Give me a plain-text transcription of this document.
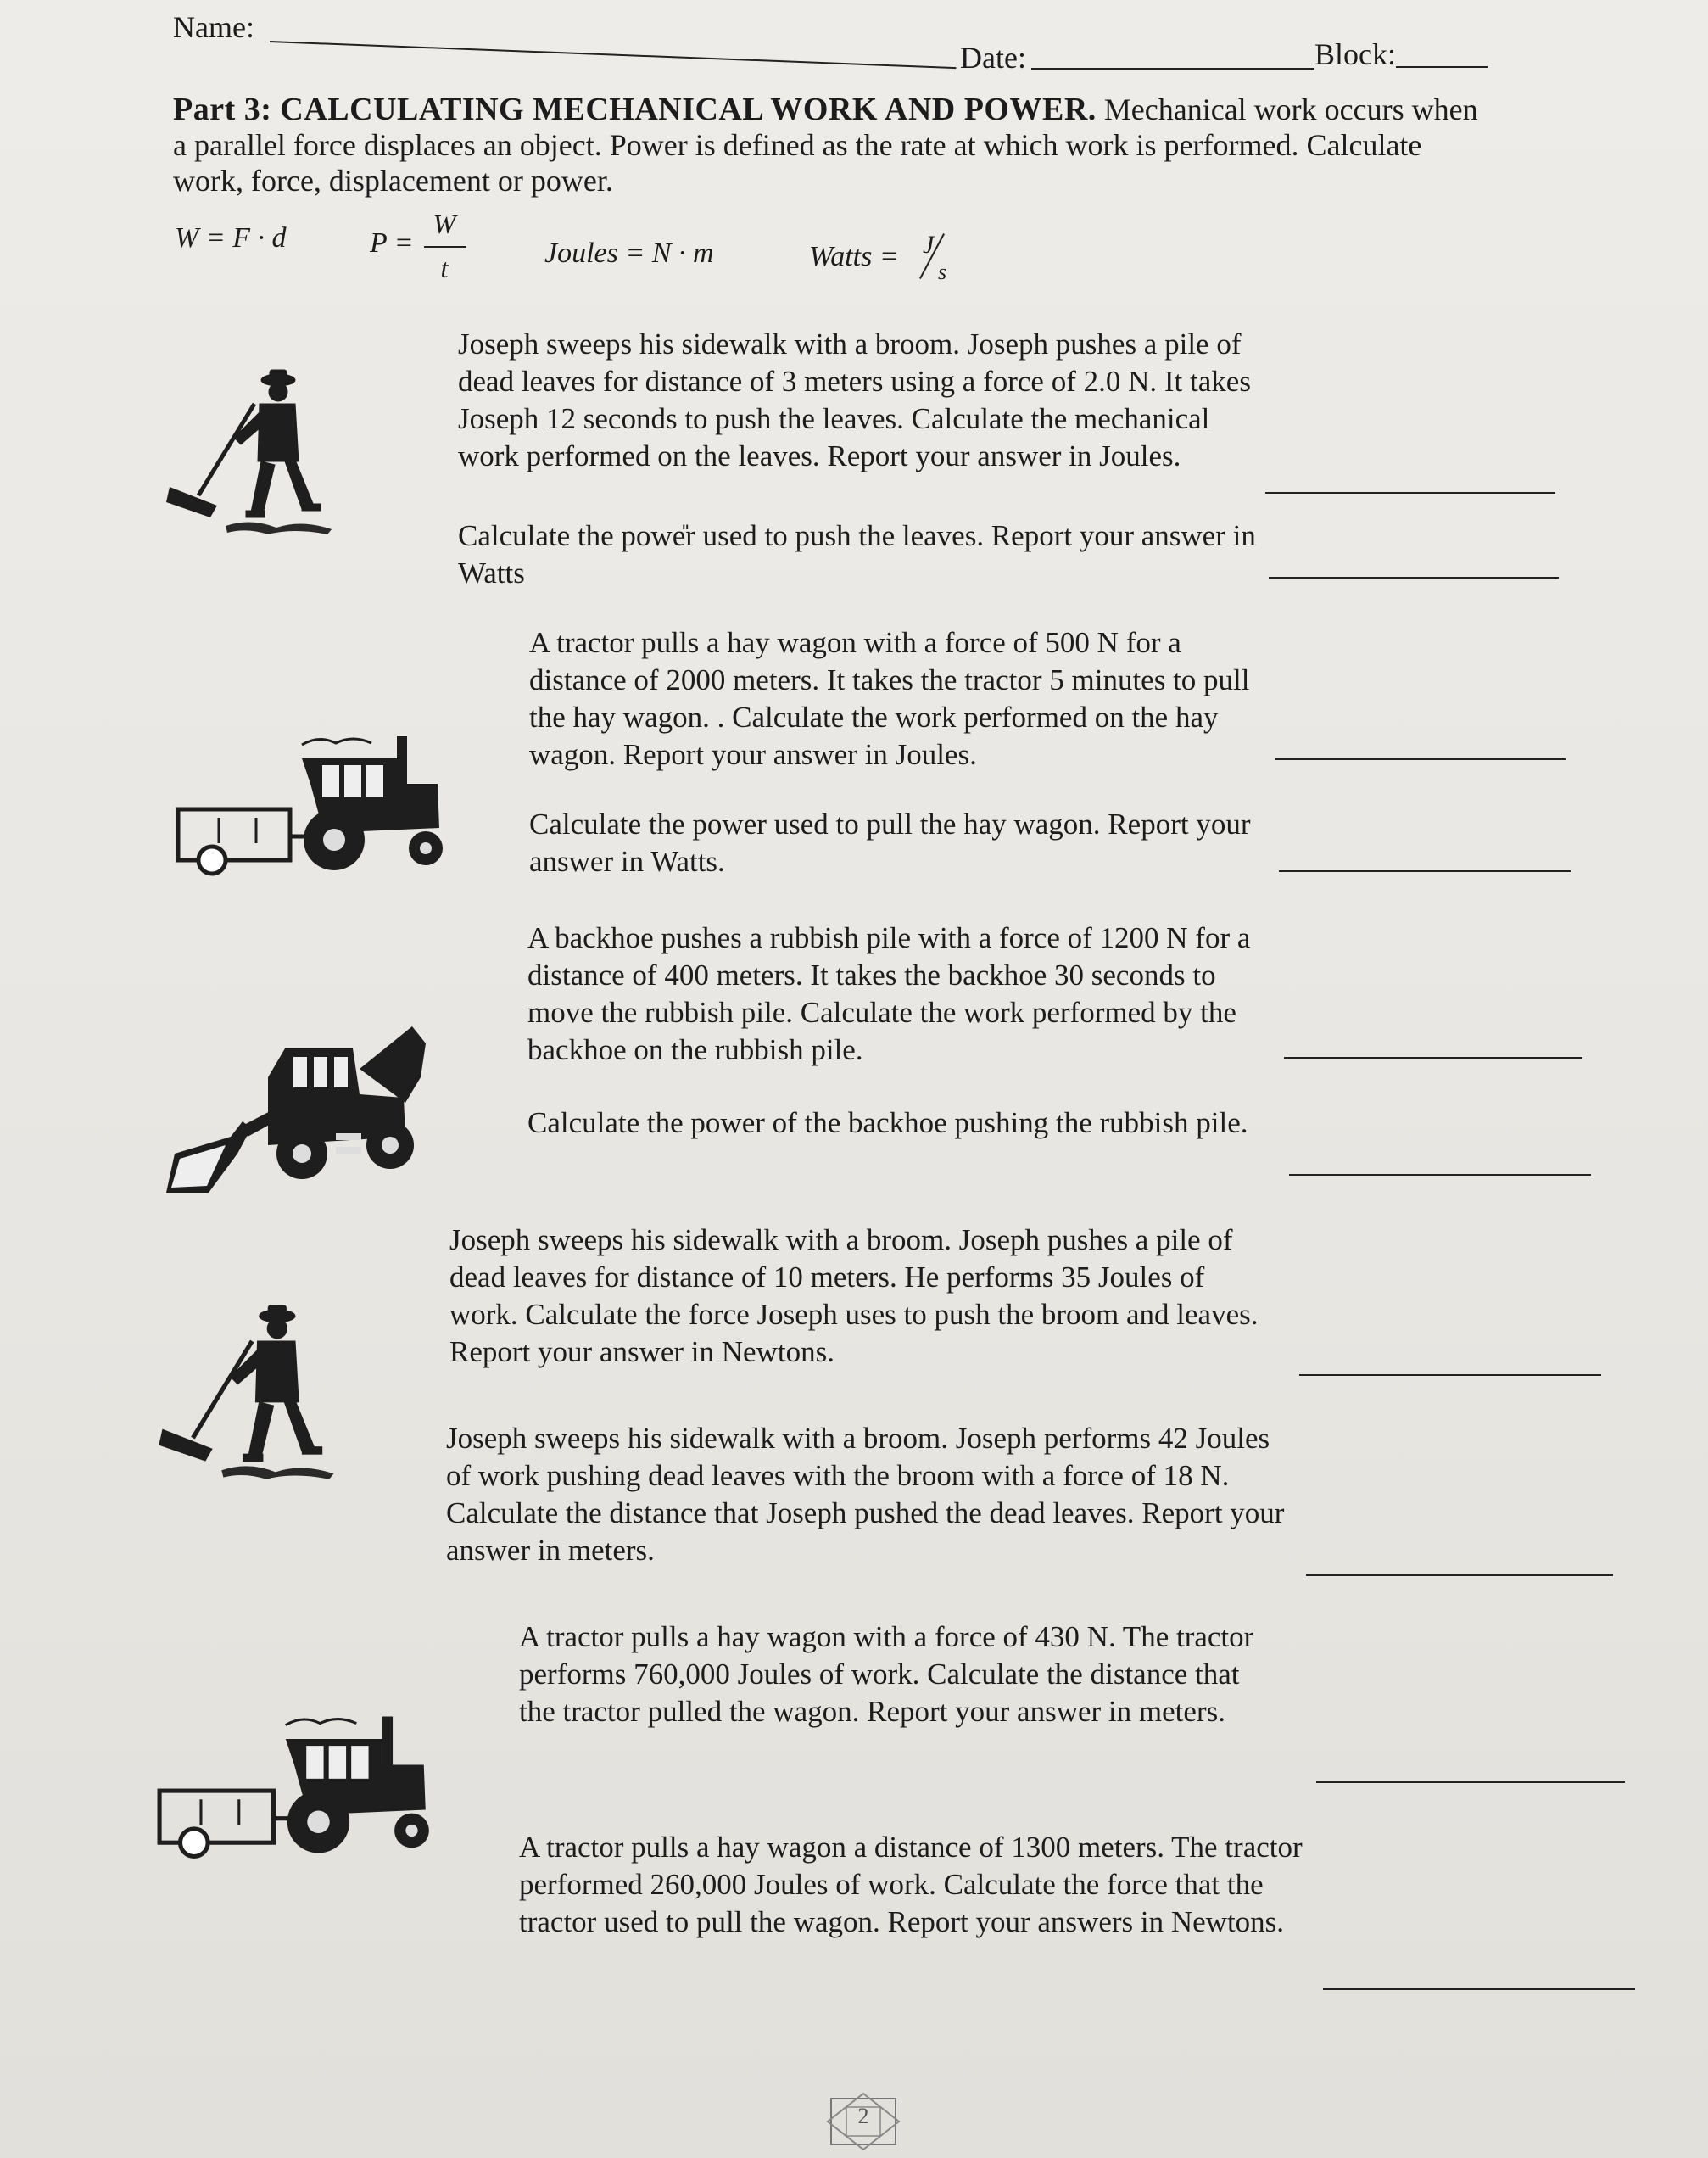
Name:
Date:	Block:
Part 3: CALCULATING MECHANICAL WORK AND POWER. Mechanical work occurs when a parallel force displaces an object. Power is defined as the rate at which work is performed. Calculate work, force, displacement or power.
W = F · d	P =
W
t	Joules = N · m	Watts = J
s

Joseph sweeps his sidewalk with a broom. Joseph pushes a pile of dead leaves for distance of 3 meters using a force of 2.0 N. It takes Joseph 12 seconds to push the leaves. Calculate the mechanical work performed on the leaves. Report your answer in Joules.

Calculate the powe̎r used to push the leaves. Report your answer in Watts

A tractor pulls a hay wagon with a force of 500 N for a distance of 2000 meters. It takes the tractor 5 minutes to pull the hay wagon. . Calculate the work performed on the hay wagon. Report your answer in Joules.

Calculate the power used to pull the hay wagon. Report your answer in Watts.

A backhoe pushes a rubbish pile with a force of 1200 N for a distance of 400 meters. It takes the backhoe 30 seconds to move the rubbish pile. Calculate the work performed by the backhoe on the rubbish pile.

Calculate the power of the backhoe pushing the rubbish pile.

Joseph sweeps his sidewalk with a broom. Joseph pushes a pile of dead leaves for distance of 10 meters. He performs 35 Joules of work. Calculate the force Joseph uses to push the broom and leaves. Report your answer in Newtons.

Joseph sweeps his sidewalk with a broom. Joseph performs 42 Joules of work pushing dead leaves with the broom with a force of 18 N. Calculate the distance that Joseph pushed the dead leaves. Report your answer in meters.

A tractor pulls a hay wagon with a force of 430 N. The tractor performs 760,000 Joules of work. Calculate the distance that the tractor pulled the wagon. Report your answer in meters.

A tractor pulls a hay wagon a distance of 1300 meters. The tractor performed 260,000 Joules of work. Calculate the force that the tractor used to pull the wagon. Report your answers in Newtons.

2
